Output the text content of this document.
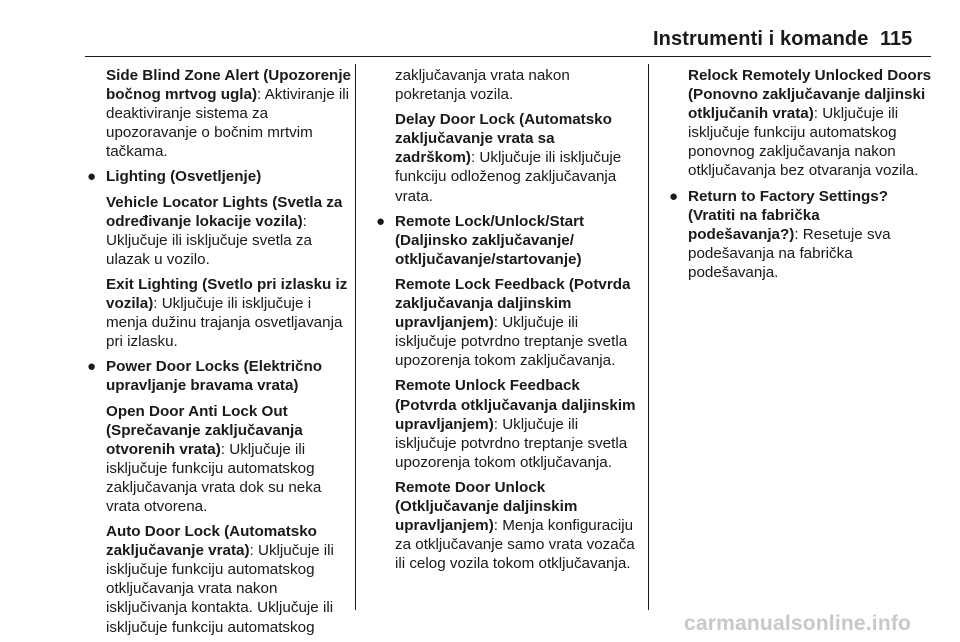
Instrumenti i komande 115
Side Blind Zone Alert (Upozorenje bočnog mrtvog ugla): Aktiviranje ili deaktiviranje sistema za upozoravanje o bočnim mrtvim tačkama.
● Lighting (Osvetljenje)
Vehicle Locator Lights (Svetla za određivanje lokacije vozila): Uključuje ili isključuje svetla za ulazak u vozilo.
Exit Lighting (Svetlo pri izlasku iz vozila): Uključuje ili isključuje i menja dužinu trajanja osvetljavanja pri izlasku.
● Power Door Locks (Električno upravljanje bravama vrata)
Open Door Anti Lock Out (Sprečavanje zaključavanja otvorenih vrata): Uključuje ili isključuje funkciju automatskog zaključavanja vrata dok su neka vrata otvorena.
Auto Door Lock (Automatsko zaključavanje vrata): Uključuje ili isključuje funkciju automatskog otključavanja vrata nakon isključivanja kontakta. Uključuje ili isključuje funkciju automatskog
zaključavanja vrata nakon pokretanja vozila.
Delay Door Lock (Automatsko zaključavanje vrata sa zadrškom): Uključuje ili isključuje funkciju odloženog zaključavanja vrata.
● Remote Lock/Unlock/Start (Daljinsko zaključavanje/ otključavanje/startovanje)
Remote Lock Feedback (Potvrda zaključavanja daljinskim upravljanjem): Uključuje ili isključuje potvrdno treptanje svetla upozorenja tokom zaključavanja.
Remote Unlock Feedback (Potvrda otključavanja daljinskim upravljanjem): Uključuje ili isključuje potvrdno treptanje svetla upozorenja tokom otključavanja.
Remote Door Unlock (Otključavanje daljinskim upravljanjem): Menja konfiguraciju za otključavanje samo vrata vozača ili celog vozila tokom otključavanja.
Relock Remotely Unlocked Doors (Ponovno zaključavanje daljinski otključanih vrata): Uključuje ili isključuje funkciju automatskog ponovnog zaključavanja nakon otključavanja bez otvaranja vozila.
● Return to Factory Settings? (Vratiti na fabrička podešavanja?): Resetuje sva podešavanja na fabrička podešavanja.
carmanualsonline.info
